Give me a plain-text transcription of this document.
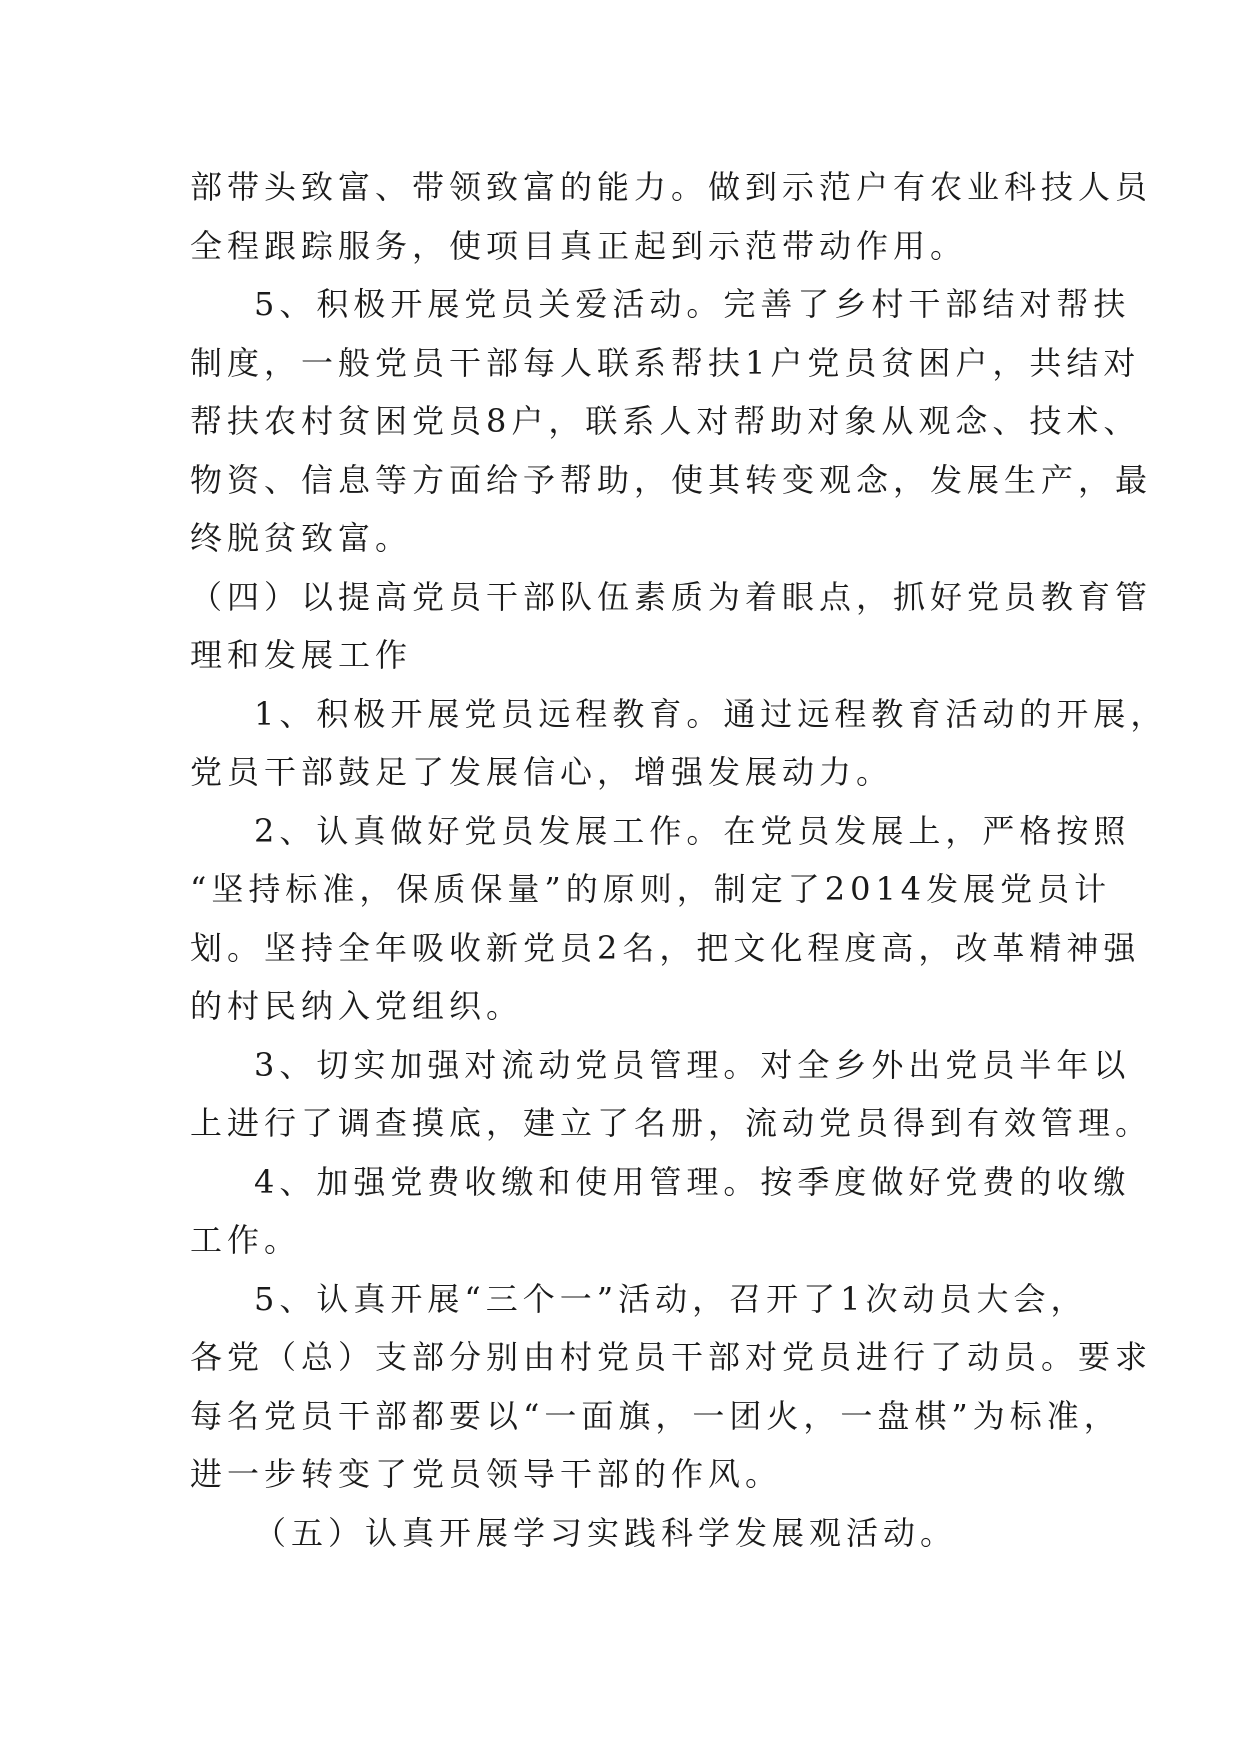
部带头致富、带领致富的能力。做到示范户有农业科技人员
全程跟踪服务，使项目真正起到示范带动作用。
5、积极开展党员关爱活动。完善了乡村干部结对帮扶
制度，一般党员干部每人联系帮扶1户党员贫困户，共结对
帮扶农村贫困党员8户，联系人对帮助对象从观念、技术、
物资、信息等方面给予帮助，使其转变观念，发展生产，最
终脱贫致富。
（四）以提高党员干部队伍素质为着眼点，抓好党员教育管
理和发展工作
1、积极开展党员远程教育。通过远程教育活动的开展，
党员干部鼓足了发展信心，增强发展动力。
2、认真做好党员发展工作。在党员发展上，严格按照
“坚持标准，保质保量”的原则，制定了2014发展党员计
划。坚持全年吸收新党员2名，把文化程度高，改革精神强
的村民纳入党组织。
3、切实加强对流动党员管理。对全乡外出党员半年以
上进行了调查摸底，建立了名册，流动党员得到有效管理。
4、加强党费收缴和使用管理。按季度做好党费的收缴
工作。
5、认真开展“三个一”活动，召开了1次动员大会，
各党（总）支部分别由村党员干部对党员进行了动员。要求
每名党员干部都要以“一面旗，一团火，一盘棋”为标准，
进一步转变了党员领导干部的作风。
（五）认真开展学习实践科学发展观活动。
